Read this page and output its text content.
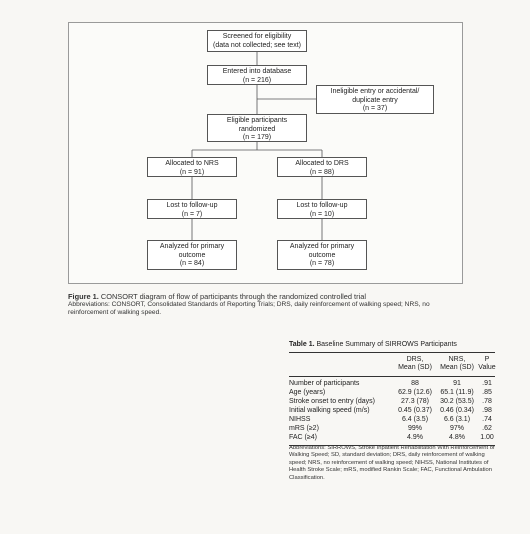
Screened for eligibility
(data not collected; see text)
Entered into database
(n = 216)
Ineligible entry or accidental/
duplicate entry
(n = 37)
Eligible participants
randomized
(n = 179)
Allocated to NRS
(n = 91)
Allocated to DRS
(n = 88)
Lost to follow-up
(n = 7)
Lost to follow-up
(n = 10)
Analyzed for primary
outcome
(n = 84)
Analyzed for primary
outcome
(n = 78)
Figure 1. CONSORT diagram of flow of participants through the randomized controlled trial
Abbreviations: CONSORT, Consolidated Standards of Reporting Trials; DRS, daily reinforcement of walking speed; NRS, no reinforcement of walking speed.
Table 1. Baseline Summary of SIRROWS Participants
DRS,
Mean (SD)
NRS,
Mean (SD)
P
Value
Number of participants	88	91	.91
Age (years)	62.9 (12.6) 65.1 (11.9)	.85
Stroke onset to entry (days)	27.3 (78)	30.2 (53.5)	.78
Initial walking speed (m/s)	0.45 (0.37) 0.46 (0.34)	.98
NIHSS	6.4 (3.5)	6.6 (3.1)	.74
mRS (≥2)	99%	97%	.62
FAC (≥4)	4.9%	4.8%	1.00
Abbreviations: SIRROWS, Stroke Inpatient Rehabilitation With Reinforcement of Walking Speed; SD, standard deviation; DRS, daily reinforcement of walking speed; NRS, no reinforcement of walking speed; NIHSS, National Institutes of Health Stroke Scale; mRS, modified Rankin Scale; FAC, Functional Ambulation Classification.
